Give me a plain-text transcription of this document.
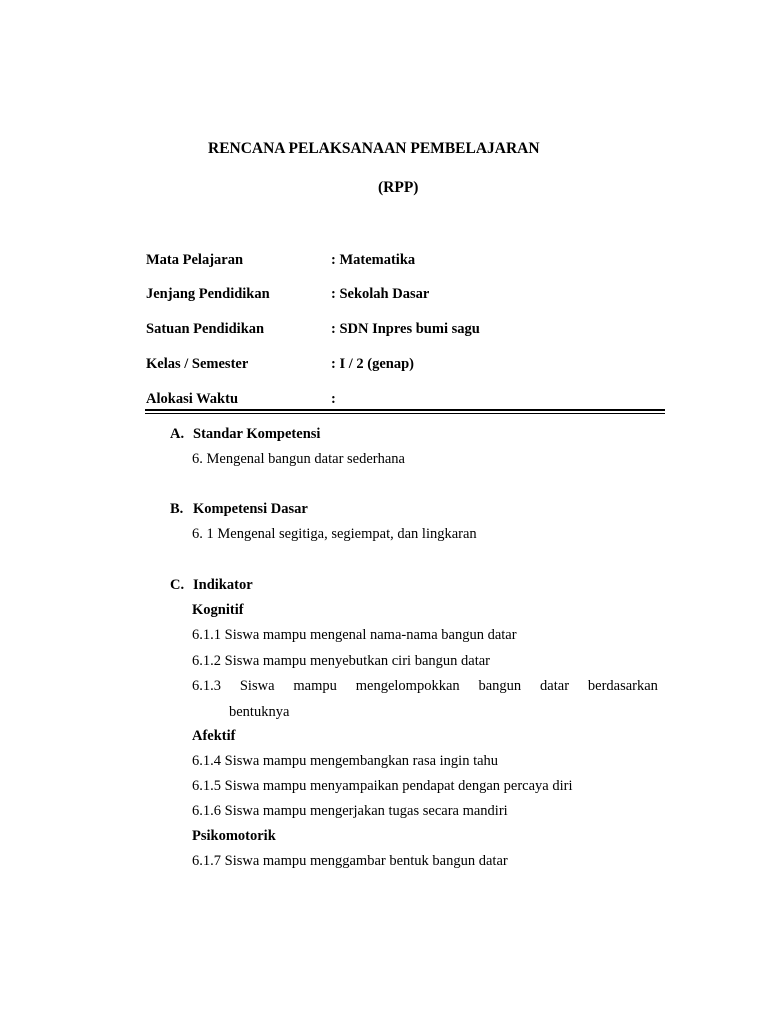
RENCANA PELAKSANAAN PEMBELAJARAN
(RPP)
Mata Pelajaran	: Matematika
Jenjang Pendidikan	: Sekolah Dasar
Satuan Pendidikan	: SDN Inpres bumi sagu
Kelas / Semester	: I / 2 (genap)
Alokasi Waktu	:
A. Standar Kompetensi
6. Mengenal bangun datar sederhana
B. Kompetensi Dasar
6. 1 Mengenal segitiga, segiempat, dan lingkaran
C. Indikator
Kognitif
6.1.1 Siswa mampu mengenal nama-nama bangun datar
6.1.2 Siswa mampu menyebutkan ciri bangun datar
6.1.3 Siswa mampu mengelompokkan bangun datar berdasarkan
bentuknya
Afektif
6.1.4 Siswa mampu mengembangkan rasa ingin tahu
6.1.5 Siswa mampu menyampaikan pendapat dengan percaya diri
6.1.6 Siswa mampu mengerjakan tugas secara mandiri
Psikomotorik
6.1.7 Siswa mampu menggambar bentuk bangun datar
